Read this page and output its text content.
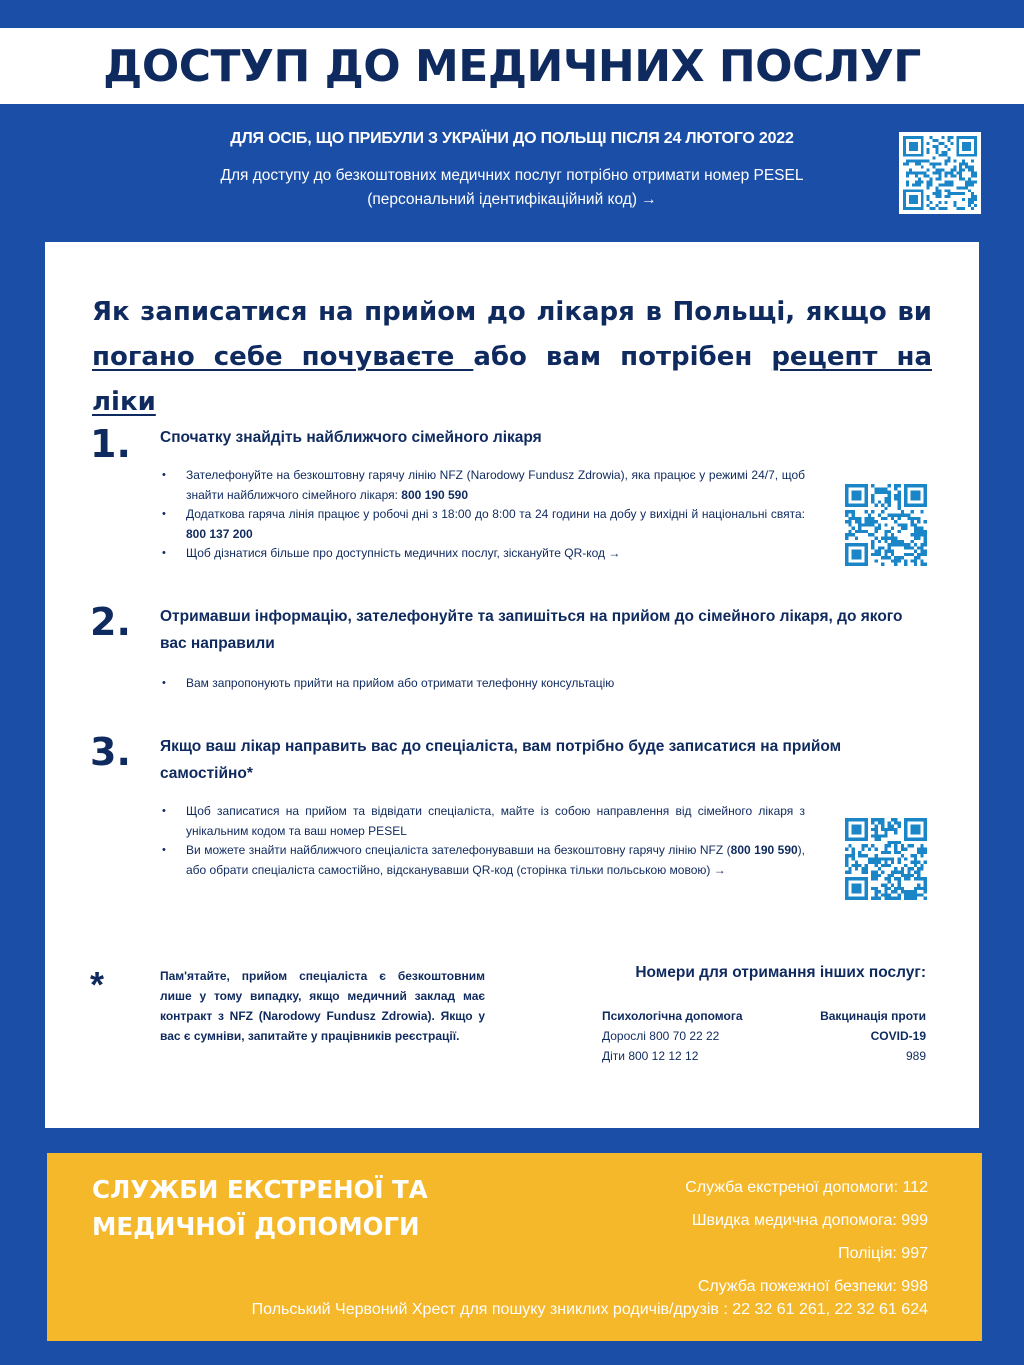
ДОСТУП ДО МЕДИЧНИХ ПОСЛУГ
ДЛЯ ОСІБ, ЩО ПРИБУЛИ З УКРАЇНИ ДО ПОЛЬЩІ ПІСЛЯ 24 ЛЮТОГО 2022
Для доступу до безкоштовних медичних послуг потрібно отримати номер PESEL
(персональний ідентифікаційний код) →
Як записатися на прийом до лікаря в Польщі, якщо ви погано себе почуваєте або вам потрібен рецепт на ліки
1. Спочатку знайдіть найближчого сімейного лікаря
• Зателефонуйте на безкоштовну гарячу лінію NFZ (Narodowy Fundusz Zdrowia), яка працює у режимі 24/7, щоб знайти найближчого сімейного лікаря: 800 190 590
• Додаткова гаряча лінія працює у робочі дні з 18:00 до 8:00 та 24 години на добу у вихідні й національні свята: 800 137 200
• Щоб дізнатися більше про доступність медичних послуг, зіскануйте QR-код →
2. Отримавши інформацію, зателефонуйте та запишіться на прийом до сімейного лікаря, до якого вас направили
• Вам запропонують прийти на прийом або отримати телефонну консультацію
3. Якщо ваш лікар направить вас до спеціаліста, вам потрібно буде записатися на прийом самостійно*
• Щоб записатися на прийом та відвідати спеціаліста, майте із собою направлення від сімейного лікаря з унікальним кодом та ваш номер PESEL
• Ви можете знайти найближчого спеціаліста зателефонувавши на безкоштовну гарячу лінію NFZ (800 190 590), або обрати спеціаліста самостійно, відсканувавши QR-код (сторінка тільки польською мовою) →
*	Пам'ятайте, прийом спеціаліста є безкоштовним лише у тому випадку, якщо медичний заклад має контракт з NFZ (Narodowy Fundusz Zdrowia). Якщо у вас є сумніви, запитайте у працівників реєстрації.
Номери для отримання інших послуг:
Психологічна допомога
Дорослі 800 70 22 22
Діти 800 12 12 12
Вакцинація проти
COVID-19
989
СЛУЖБИ ЕКСТРЕНОЇ ТА
МЕДИЧНОЇ ДОПОМОГИ
Служба екстреної допомоги: 112
Швидка медична допомога: 999
Поліція: 997
Служба пожежної безпеки: 998
Польський Червоний Хрест для пошуку зниклих родичів/друзів : 22 32 61 261, 22 32 61 624
